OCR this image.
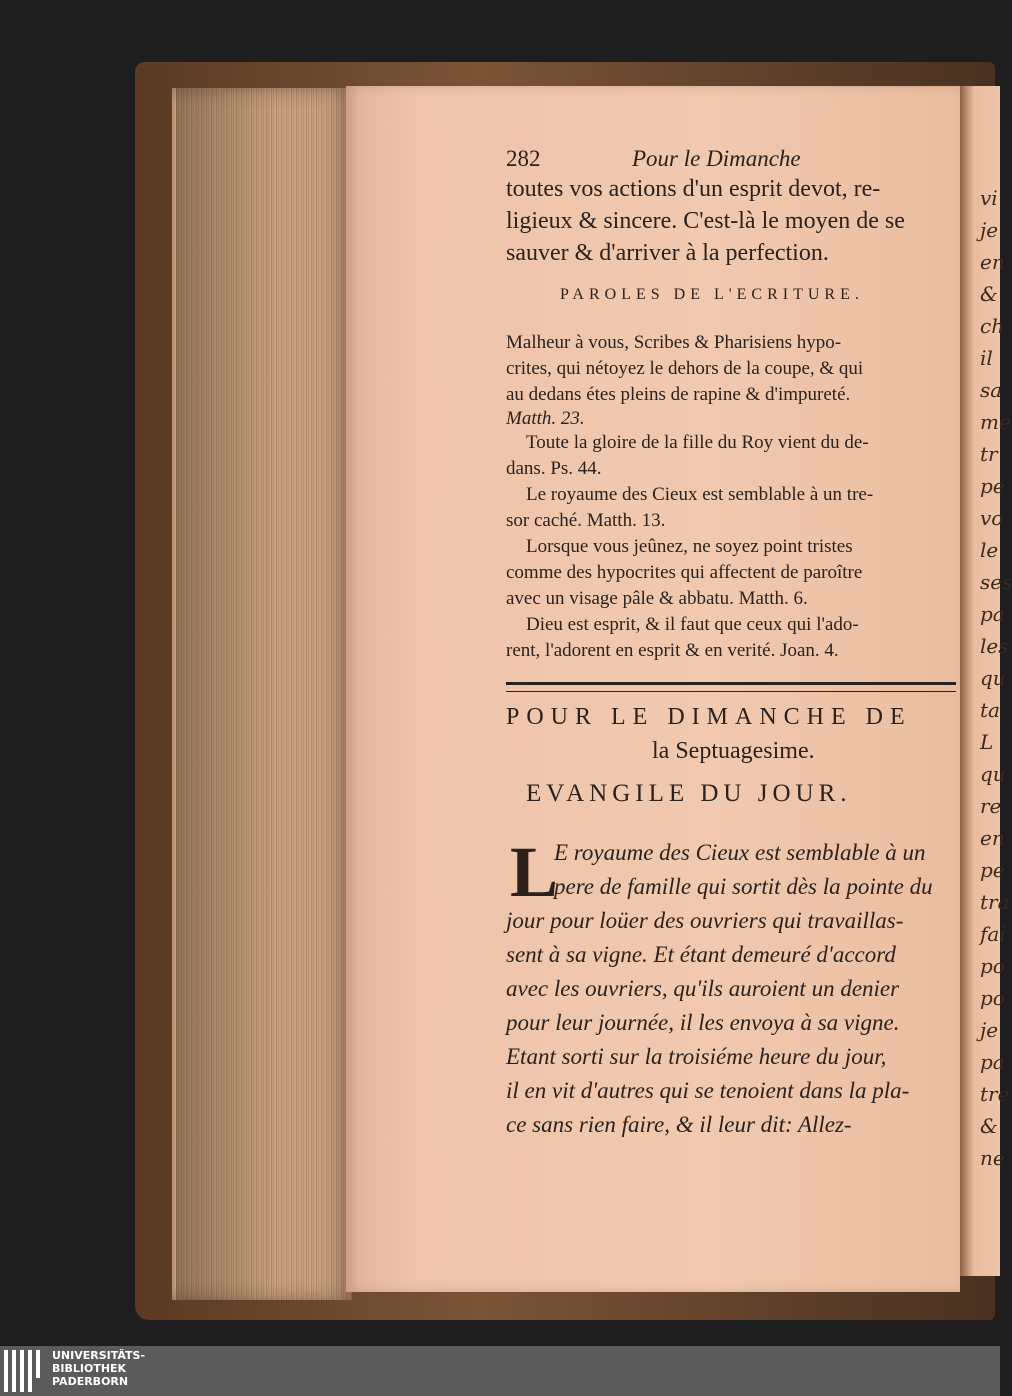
vi
je
en
&
ch
il
sa
me
tr
pe
vo
le
ses
pa
les
qu
ta
L
qu
re
en
pe
tra
fai
po
po
je
pa
tre
&
ne
282	Pour le Dimanche
toutes vos actions d'un esprit devot, re-
ligieux & sincere. C'est-là le moyen de se
sauver & d'arriver à la perfection.
PAROLES DE L'ECRITURE.
Malheur à vous, Scribes & Pharisiens hypo-
crites, qui nétoyez le dehors de la coupe, & qui
au dedans étes pleins de rapine & d'impureté.
Matth. 23.
Toute la gloire de la fille du Roy vient du de-
dans. Ps. 44.
Le royaume des Cieux est semblable à un tre-
sor caché. Matth. 13.
Lorsque vous jeûnez, ne soyez point tristes
comme des hypocrites qui affectent de paroître
avec un visage pâle & abbatu. Matth. 6.
Dieu est esprit, & il faut que ceux qui l'ado-
rent, l'adorent en esprit & en verité. Joan. 4.
POUR LE DIMANCHE DE
la Septuagesime.
EVANGILE DU JOUR.
L
E royaume des Cieux est semblable à un
pere de famille qui sortit dès la pointe du
jour pour loüer des ouvriers qui travaillas-
sent à sa vigne. Et étant demeuré d'accord
avec les ouvriers, qu'ils auroient un denier
pour leur journée, il les envoya à sa vigne.
Etant sorti sur la troisiéme heure du jour,
il en vit d'autres qui se tenoient dans la pla-
ce sans rien faire, & il leur dit: Allez-
UNIVERSITÄTS-
BIBLIOTHEK
PADERBORN
